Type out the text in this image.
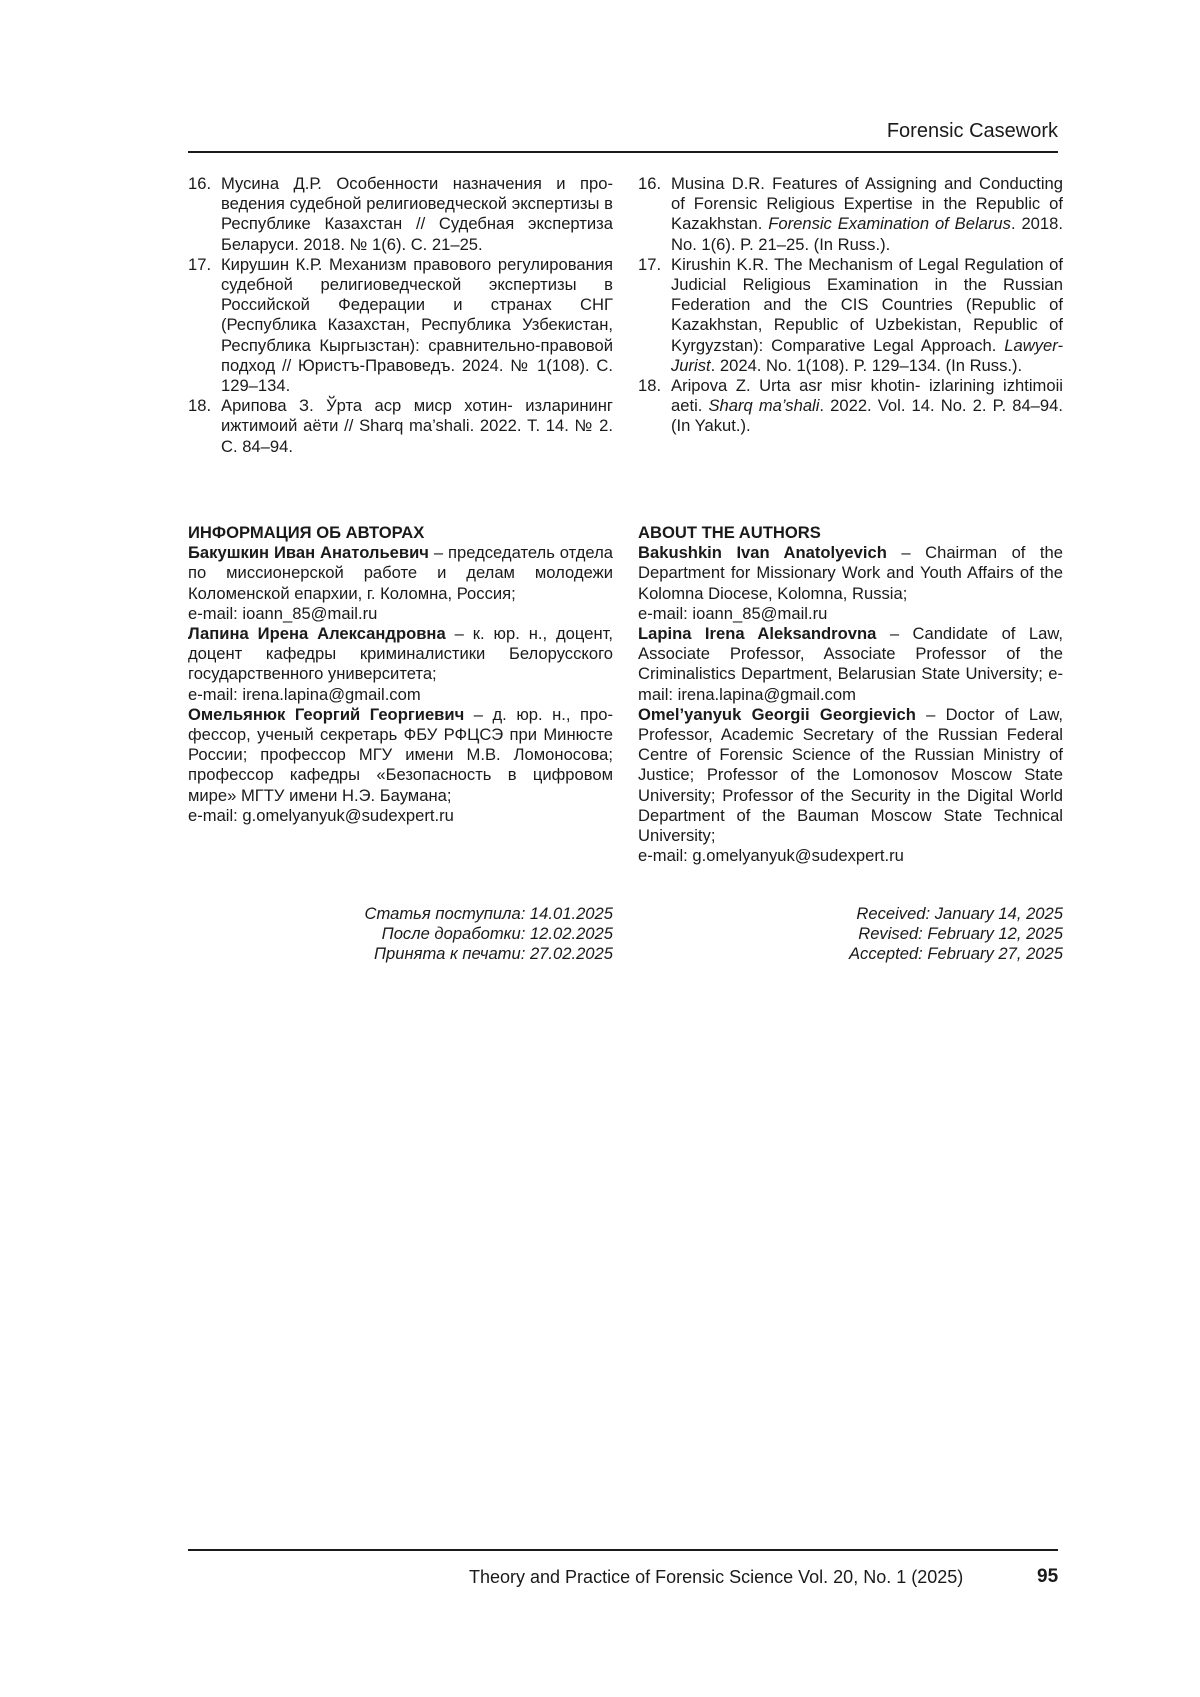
Forensic Casework
16. Мусина Д.Р. Особенности назначения и проведения судебной религиоведческой экспертизы в Республике Казахстан // Судебная экспертиза Беларуси. 2018. № 1(6). С. 21–25.
17. Кирушин К.Р. Механизм правового регулирования судебной религиоведческой экспертизы в Российской Федерации и странах СНГ (Республика Казахстан, Республика Узбекистан, Республика Кыргызстан): сравнительно-правовой подход // Юристъ-Правоведъ. 2024. № 1(108). С. 129–134.
18. Арипова З. Ўрта аср миср хотин- изларининг ижтимоий аёти // Sharq ma’shali. 2022. Т. 14. № 2. С. 84–94.
16. Musina D.R. Features of Assigning and Conducting of Forensic Religious Expertise in the Republic of Kazakhstan. Forensic Examination of Belarus. 2018. No. 1(6). P. 21–25. (In Russ.).
17. Kirushin K.R. The Mechanism of Legal Regulation of Judicial Religious Examination in the Russian Federation and the CIS Countries (Republic of Kazakhstan, Republic of Uzbekistan, Republic of Kyrgyzstan): Comparative Legal Approach. Lawyer-Jurist. 2024. No. 1(108). P. 129–134. (In Russ.).
18. Aripova Z. Urta asr misr khotin- izlarining izhtimoii aeti. Sharq ma’shali. 2022. Vol. 14. No. 2. P. 84–94. (In Yakut.).
ИНФОРМАЦИЯ ОБ АВТОРАХ
Бакушкин Иван Анатольевич – председатель отдела по миссионерской работе и делам молодежи Коломенской епархии, г. Коломна, Россия;
e-mail: ioann_85@mail.ru
Лапина Ирена Александровна – к. юр. н., доцент, доцент кафедры криминалистики Белорусского государственного университета;
e-mail: irena.lapina@gmail.com
Омельянюк Георгий Георгиевич – д. юр. н., профессор, ученый секретарь ФБУ РФЦСЭ при Минюсте России; профессор МГУ имени М.В. Ломоносова; профессор кафедры «Безопасность в цифровом мире» МГТУ имени Н.Э. Баумана;
e-mail: g.omelyanyuk@sudexpert.ru
ABOUT THE AUTHORS
Bakushkin Ivan Anatolyevich – Chairman of the Department for Missionary Work and Youth Affairs of the Kolomna Diocese, Kolomna, Russia;
e-mail: ioann_85@mail.ru
Lapina Irena Aleksandrovna – Candidate of Law, Associate Professor, Associate Professor of the Criminalistics Department, Belarusian State University; e-mail: irena.lapina@gmail.com
Omel’yanyuk Georgii Georgievich – Doctor of Law, Professor, Academic Secretary of the Russian Federal Centre of Forensic Science of the Russian Ministry of Justice; Professor of the Lomonosov Moscow State University; Professor of the Security in the Digital World Department of the Bauman Moscow State Technical University;
e-mail: g.omelyanyuk@sudexpert.ru
Статья поступила: 14.01.2025
После доработки: 12.02.2025
Принята к печати: 27.02.2025
Received: January 14, 2025
Revised: February 12, 2025
Accepted: February 27, 2025
Theory and Practice of Forensic Science Vol. 20, No. 1 (2025)	95
